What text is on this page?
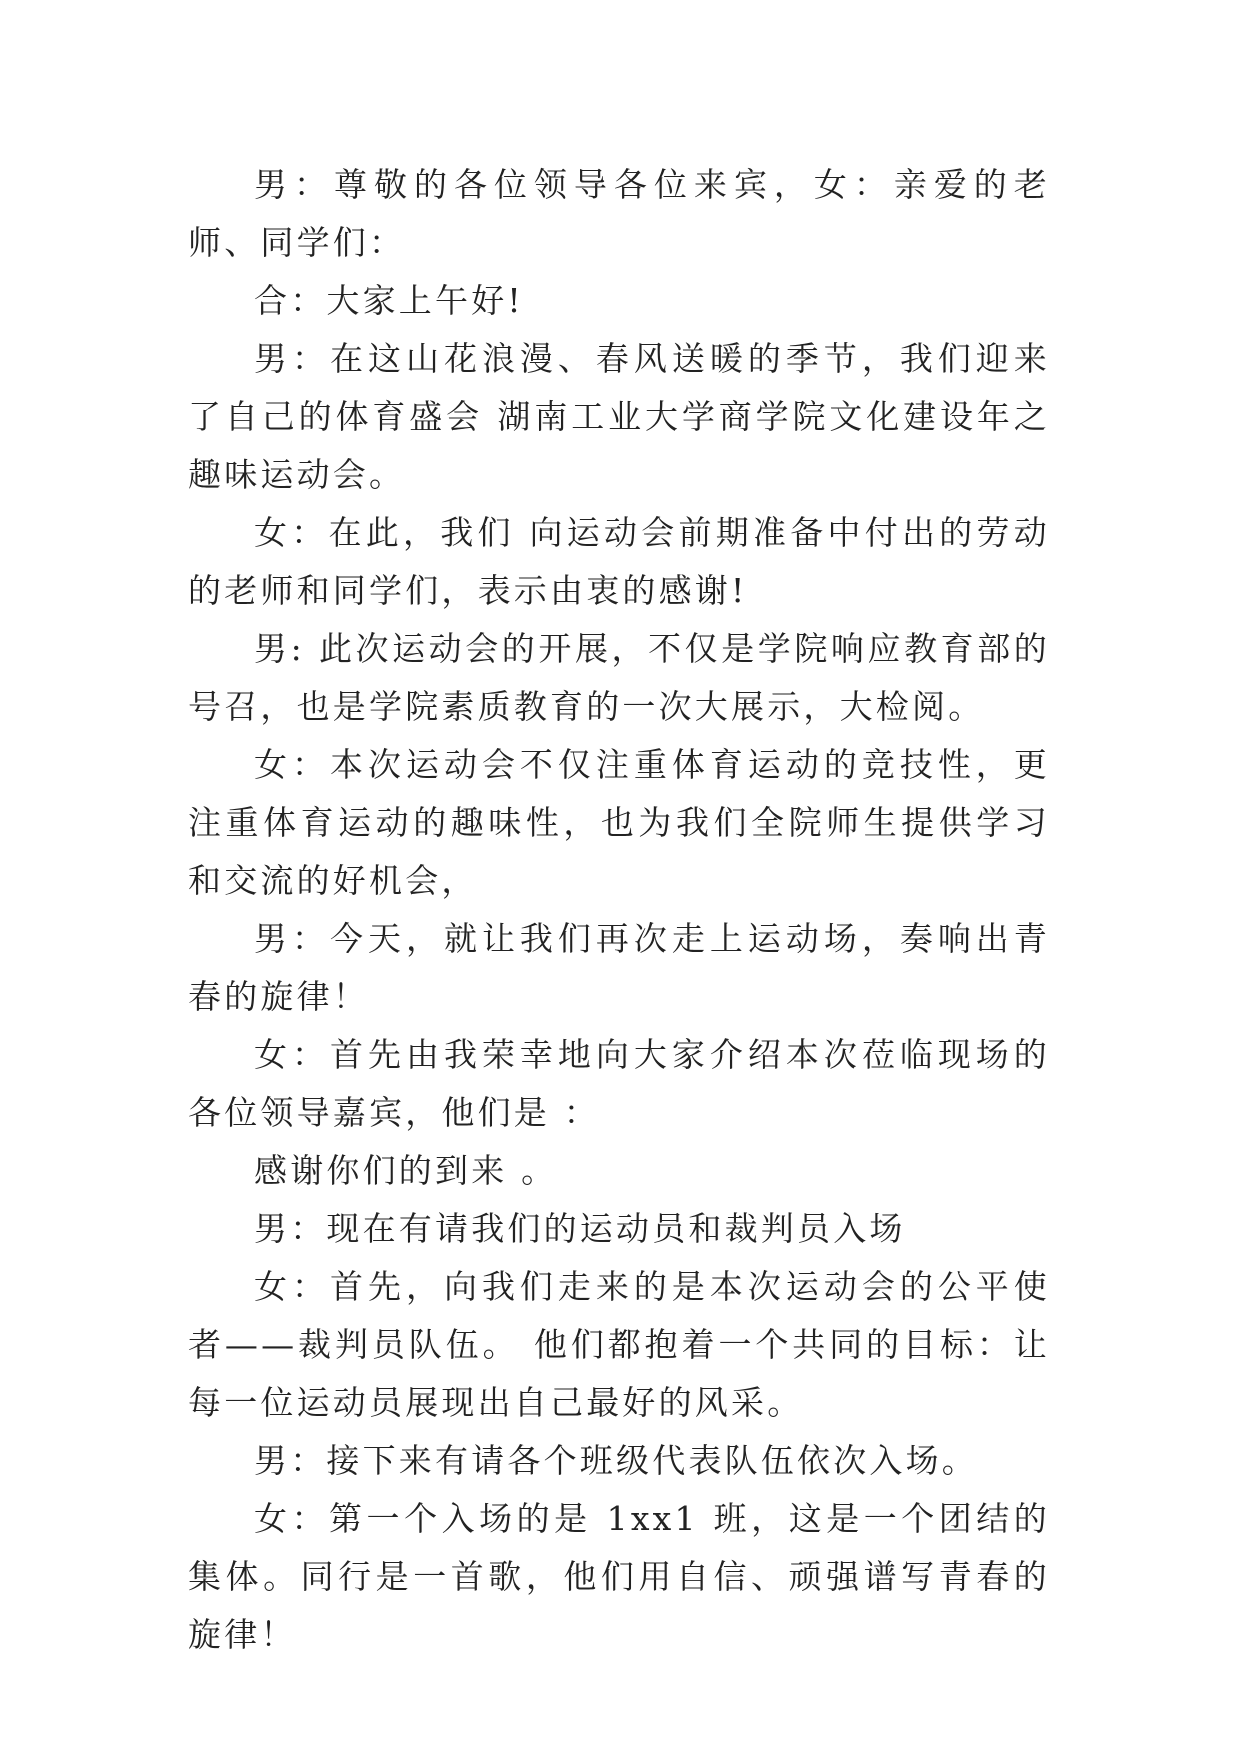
男：尊敬的各位领导各位来宾，女：亲爱的老师、同学们：

合：大家上午好!

男：在这山花浪漫、春风送暖的季节，我们迎来了自己的体育盛会 湖南工业大学商学院文化建设年之趣味运动会。

女：在此，我们 向运动会前期准备中付出的劳动的老师和同学们，表示由衷的感谢!

男: 此次运动会的开展，不仅是学院响应教育部的号召，也是学院素质教育的一次大展示，大检阅。

女：本次运动会不仅注重体育运动的竞技性，更注重体育运动的趣味性，也为我们全院师生提供学习和交流的好机会，

男：今天，就让我们再次走上运动场，奏响出青春的旋律！

女：首先由我荣幸地向大家介绍本次莅临现场的各位领导嘉宾，他们是 ：

感谢你们的到来 。

男：现在有请我们的运动员和裁判员入场

女：首先，向我们走来的是本次运动会的公平使者——裁判员队伍。 他们都抱着一个共同的目标：让每一位运动员展现出自己最好的风采。

男：接下来有请各个班级代表队伍依次入场。

女：第一个入场的是 1xx1 班，这是一个团结的集体。同行是一首歌，他们用自信、顽强谱写青春的旋律！
